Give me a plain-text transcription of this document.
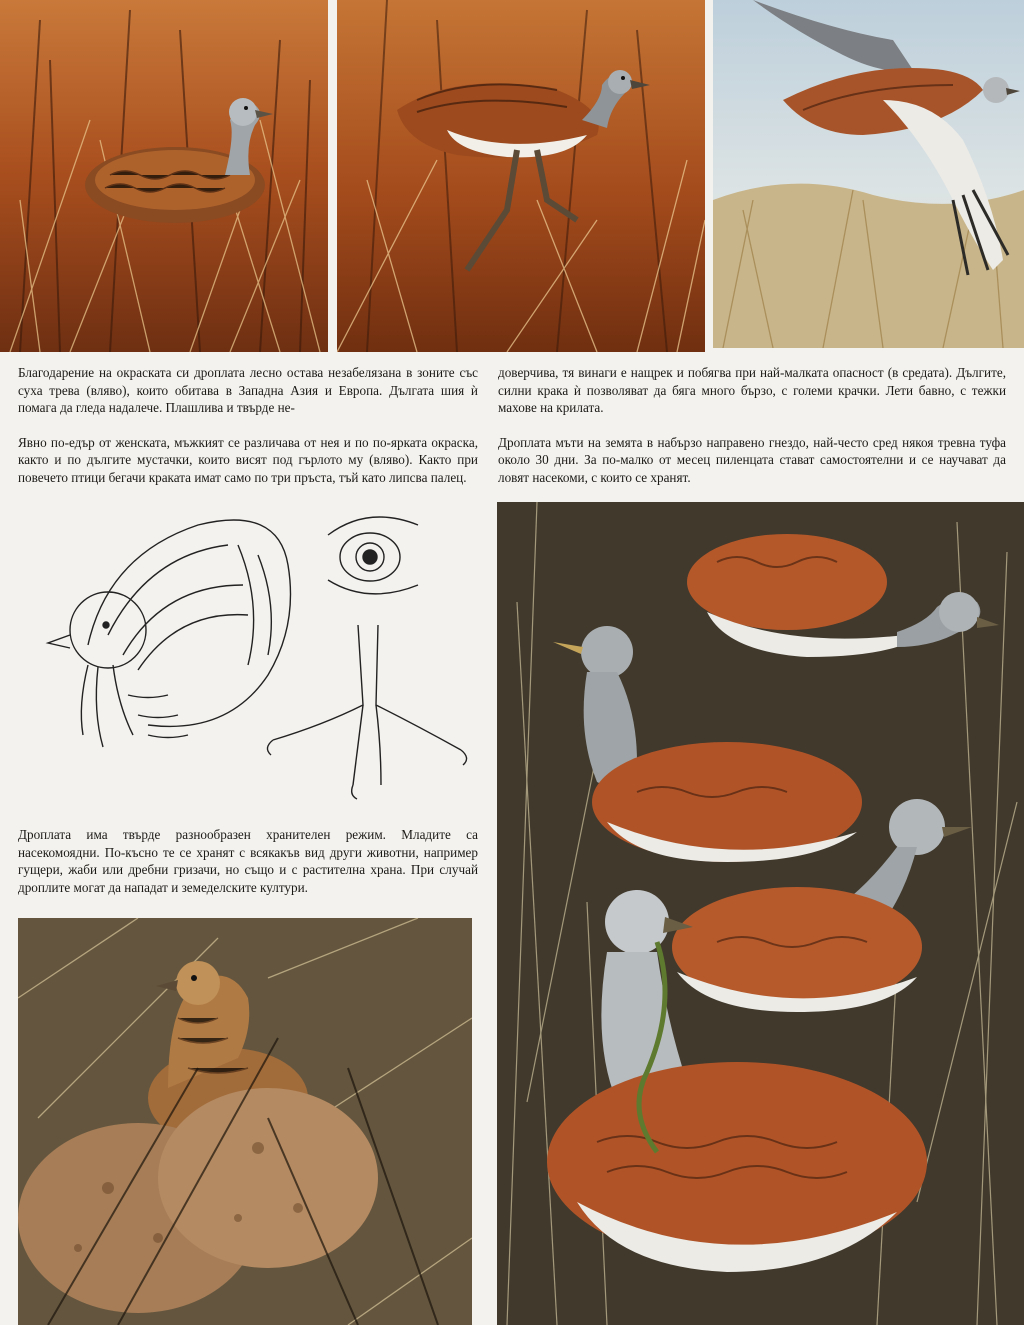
Благодарение на окраската си дроплата лесно остава незабелязана в зоните със суха трева (вляво), които обитава в Западна Азия и Европа. Дългата шия ѝ помага да гледа надалече. Плашлива и твърде не-

Явно по-едър от женската, мъжкият се различава от нея и по по-ярката окраска, както и по дългите мустачки, които висят под гърлото му (вляво). Както при повечето птици бегачи краката имат само по три пръста, тъй като липсва палец.

доверчива, тя винаги е нащрек и побягва при най-малката опасност (в средата). Дългите, силни крака ѝ позволяват да бяга много бързо, с големи крачки. Лети бавно, с тежки махове на крилата.

Дроплата мъти на земята в набързо направено гнездо, най-често сред някоя тревна туфа около 30 дни. За по-малко от месец пиленцата стават самостоятелни и се научават да ловят насекоми, с които се хранят.

Дроплата има твърде разнообразен хранителен режим. Младите са насекомоядни. По-късно те се хранят с всякакъв вид други животни, например гущери, жаби или дребни гризачи, но също и с растителна храна. При случай дроплите могат да нападат и земеделските култури.
